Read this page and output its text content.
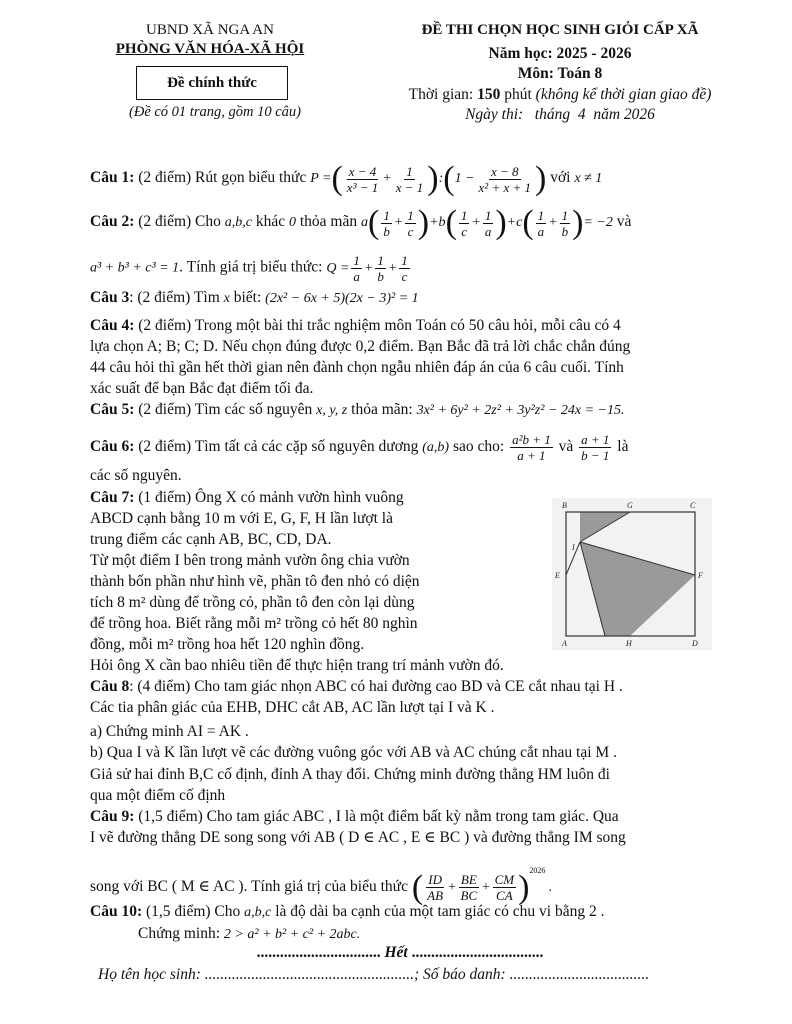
UBND XÃ NGA AN
PHÒNG VĂN HÓA-XÃ HỘI
Đề chính thức
(Đề có 01 trang, gồm 10 câu)
ĐỀ THI CHỌN HỌC SINH GIỎI CẤP XÃ
Năm học: 2025 - 2026
Môn: Toán 8
Thời gian: 150 phút (không kể thời gian giao đề)
Ngày thi:   tháng  4  năm 2026
Câu 1: (2 điểm) Rút gọn biểu thức P =( $\frac{x - 4}{\text{x³ − 1}} + \frac{1}{x - 1}$ ):(1 − $\frac{x - 8}{\text{x² + x + 1}}$ ) với x ≠ 1
Câu 2: (2 điểm) Cho a,b,c khác 0 thỏa mãn $a( \frac{1}{b} + \frac{1}{c} )+b( \frac{1}{c} + \frac{1}{a} )+c( \frac{1}{a} + \frac{1}{b}$ )= −2 và
a³ + b³ + c³ = 1. Tính giá trị biểu thức: $Q = \frac{1}{a} + \frac{1}{b} + \frac{1}{c}$
Câu 3: (2 điểm) Tìm x biết: (2x² − 6x + 5)(2x − 3)² = 1
Câu 4: (2 điểm) Trong một bài thi trắc nghiệm môn Toán có 50 câu hỏi, mỗi câu có 4
lựa chọn A; B; C; D. Nếu chọn đúng được 0,2 điểm. Bạn Bắc đã trả lời chắc chắn đúng
44 câu hỏi thì gần hết thời gian nên đành chọn ngẫu nhiên đáp án của 6 câu cuối. Tính
xác suất để bạn Bắc đạt điểm tối đa.
Câu 5: (2 điểm) Tìm các số nguyên x, y, z thỏa mãn: 3x² + 6y² + 2z² + 3y²z² − 24x = −15.
Câu 6: (2 điểm) Tìm tất cả các cặp số nguyên dương (a,b) sao cho: $\frac{\text{a²b + 1}}{a + 1}$ và $\frac{a + 1}{b - 1}$ là
các số nguyên.
Câu 7: (1 điểm) Ông X có mảnh vườn hình vuông
ABCD cạnh bằng 10 m với E, G, F, H lần lượt là
trung điểm các cạnh AB, BC, CD, DA.
Từ một điểm I bên trong mảnh vườn ông chia vườn
thành bốn phần như hình vẽ, phần tô đen nhỏ có diện
tích 8 m² dùng để trồng cỏ, phần tô đen còn lại dùng
để trồng hoa. Biết rằng mỗi m² trồng cỏ hết 80 nghìn
đồng, mỗi m² trồng hoa hết 120 nghìn đồng.
Hỏi ông X cần bao nhiêu tiền để thực hiện trang trí mảnh vườn đó.
B	G	C
I
E	F
A	H	D
Câu 8: (4 điểm) Cho tam giác nhọn ABC có hai đường cao BD và CE cắt nhau tại H .
Các tia phân giác của EHB, DHC cắt AB, AC lần lượt tại I và K .
a) Chứng minh AI = AK .
b) Qua I và K lần lượt vẽ các đường vuông góc với AB và AC chúng cắt nhau tại M .
Giả sử hai đỉnh B,C cố định, đỉnh A thay đổi. Chứng minh đường thẳng HM luôn đi
qua một điểm cố định
Câu 9: (1,5 điểm) Cho tam giác ABC , I là một điểm bất kỳ nằm trong tam giác. Qua
I vẽ đường thẳng DE song song với AB ( D ∈ AC , E ∈ BC ) và đường thẳng IM song
song với BC ( M ∈ AC ). Tính giá trị của biểu thức ( $\frac{ID}{AB} + \frac{BE}{BC} + \frac{CM}{CA} )^{2026}$ .
Câu 10: (1,5 điểm) Cho a,b,c là độ dài ba cạnh của một tam giác có chu vi bằng 2 .
Chứng minh: 2 > a² + b² + c² + 2abc.
................................ Hết ..................................
Họ tên học sinh: ......................................................; Số báo danh: ....................................
